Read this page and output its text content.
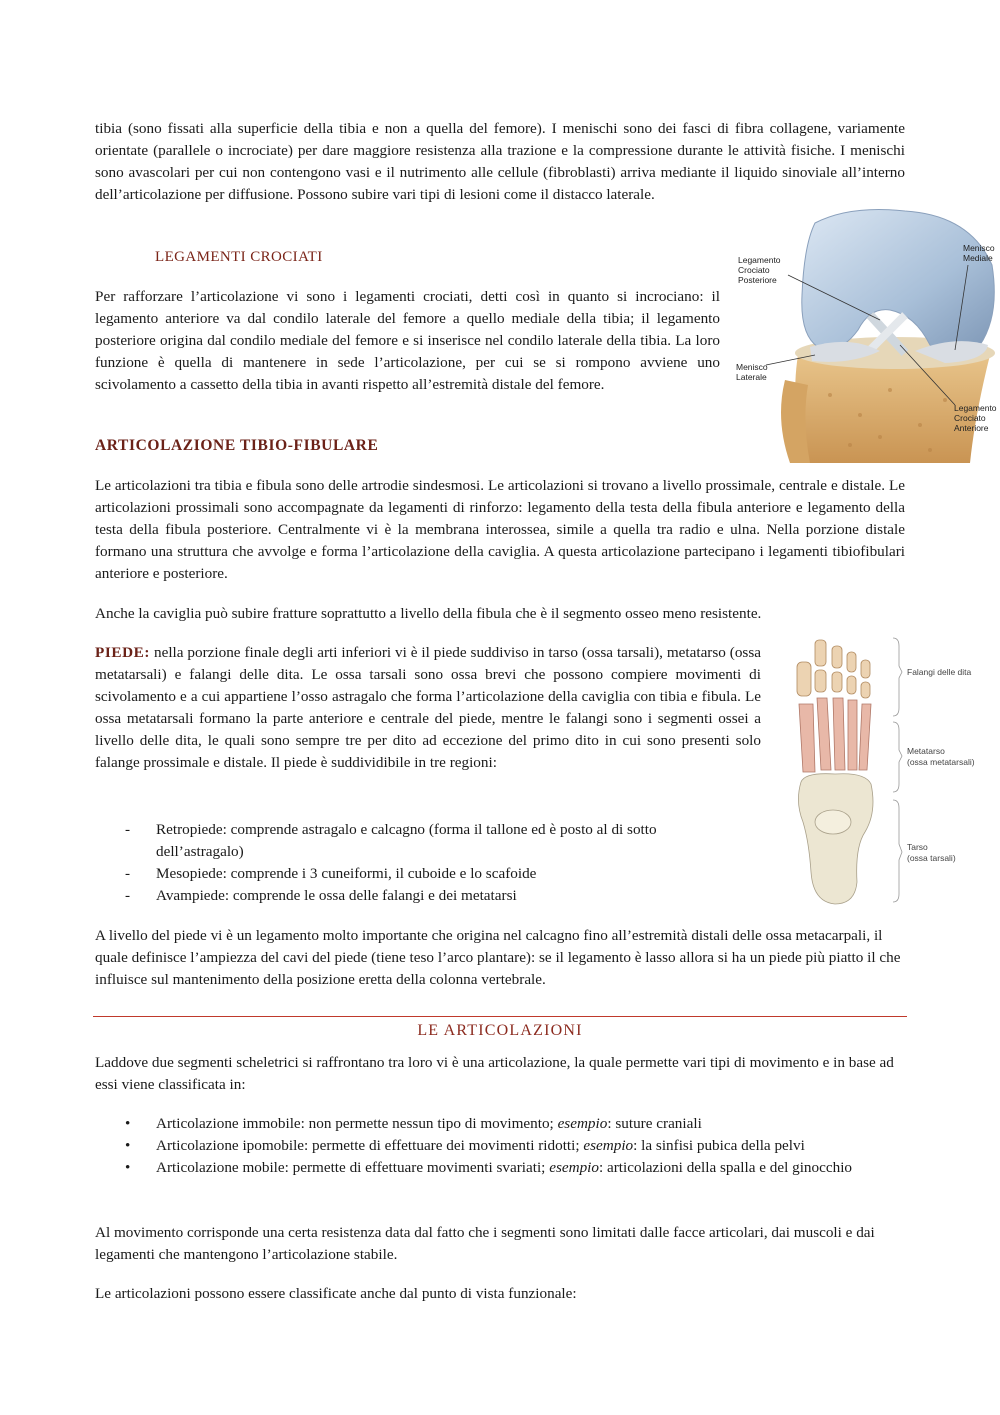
tibia (sono fissati alla superficie della tibia e non a quella del femore). I menischi sono dei fasci di fibra collagene, variamente orientate (parallele o incrociate) per dare maggiore resistenza alla trazione e la compressione durante le attività fisiche. I menischi sono avascolari per cui non contengono vasi e il nutrimento alle cellule (fibroblasti) arriva mediante il liquido sinoviale all’interno dell’articolazione per diffusione. Possono subire vari tipi di lesioni come il distacco laterale.

LEGAMENTI CROCIATI

Per rafforzare l’articolazione vi sono i legamenti crociati, detti così in quanto si incrociano: il legamento anteriore va dal condilo laterale del femore a quello mediale della tibia; il legamento posteriore origina dal condilo mediale del femore e si inserisce nel condilo laterale della tibia. La loro funzione è quella di mantenere in sede l’articolazione, per cui se si rompono avviene uno scivolamento a cassetto della tibia in avanti rispetto all’estremità distale del femore.

Legamento
Crociato
Posteriore
Menisco
Mediale
Menisco
Laterale
Legamento
Crociato
Anteriore
ARTICOLAZIONE TIBIO-FIBULARE

Le articolazioni tra tibia e fibula sono delle artrodie sindesmosi. Le articolazioni si trovano a livello prossimale, centrale e distale. Le articolazioni prossimali sono accompagnate da legamenti di rinforzo: legamento della testa della fibula anteriore e legamento della testa della fibula posteriore. Centralmente vi è la membrana interossea, simile a quella tra radio e ulna. Nella porzione distale formano una struttura che avvolge e forma l’articolazione della caviglia. A questa articolazione partecipano i legamenti tibiofibulari anteriore e posteriore.

Anche la caviglia può subire fratture soprattutto a livello della fibula che è il segmento osseo meno resistente.

PIEDE: nella porzione finale degli arti inferiori vi è il piede suddiviso in tarso (ossa tarsali), metatarso (ossa metatarsali) e falangi delle dita. Le ossa tarsali sono ossa brevi che possono compiere movimenti di scivolamento e a cui appartiene l’osso astragalo che forma l’articolazione della caviglia con tibia e fibula. Le ossa metatarsali formano la parte anteriore e centrale del piede, mentre le falangi sono i segmenti ossei a livello delle dita, le quali sono sempre tre per dito ad eccezione del primo dito in cui sono presenti solo falange prossimale e distale. Il piede è suddividibile in tre regioni:

- Retropiede: comprende astragalo e calcagno (forma il tallone ed è posto al di sotto dell’astragalo)
- Mesopiede: comprende i 3 cuneiformi, il cuboide e lo scafoide
- Avampiede: comprende le ossa delle falangi e dei metatarsi
Falangi delle dita
Metatarso
(ossa metatarsali)
Tarso
(ossa tarsali)

A livello del piede vi è un legamento molto importante che origina nel calcagno fino all’estremità distali delle ossa metacarpali, il quale definisce l’ampiezza del cavi del piede (tiene teso l’arco plantare): se il legamento è lasso allora si ha un piede più piatto il che influisce sul mantenimento della posizione eretta della colonna vertebrale.

LE ARTICOLAZIONI

Laddove due segmenti scheletrici si raffrontano tra loro vi è una articolazione, la quale permette vari tipi di movimento e in base ad essi viene classificata in:

• Articolazione immobile: non permette nessun tipo di movimento; esempio: suture craniali
• Articolazione ipomobile: permette di effettuare dei movimenti ridotti; esempio: la sinfisi pubica della pelvi
• Articolazione mobile: permette di effettuare movimenti svariati; esempio: articolazioni della spalla e del ginocchio

Al movimento corrisponde una certa resistenza data dal fatto che i segmenti sono limitati dalle facce articolari, dai muscoli e dai legamenti che mantengono l’articolazione stabile.

Le articolazioni possono essere classificate anche dal punto di vista funzionale:
